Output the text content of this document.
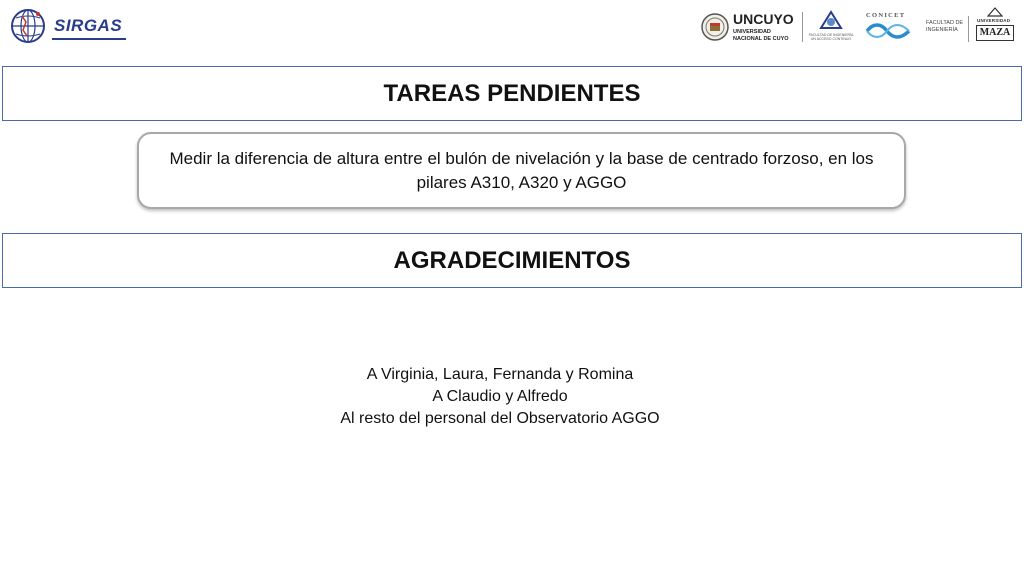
SIRGAS	UNCUYO
UNIVERSIDAD
NACIONAL DE CUYO
FACULTAD DE INGENIERÍA
UN ACCESO CONTINUO
CONICET
FACULTAD DE
INGENIERÍA
UNIVERSIDAD
MAZA
TAREAS PENDIENTES
Medir la diferencia de altura entre el bulón de nivelación y la base de centrado forzoso, en los pilares A310, A320 y AGGO
AGRADECIMIENTOS
A Virginia, Laura, Fernanda y Romina
A Claudio y Alfredo
Al resto del personal del Observatorio AGGO
